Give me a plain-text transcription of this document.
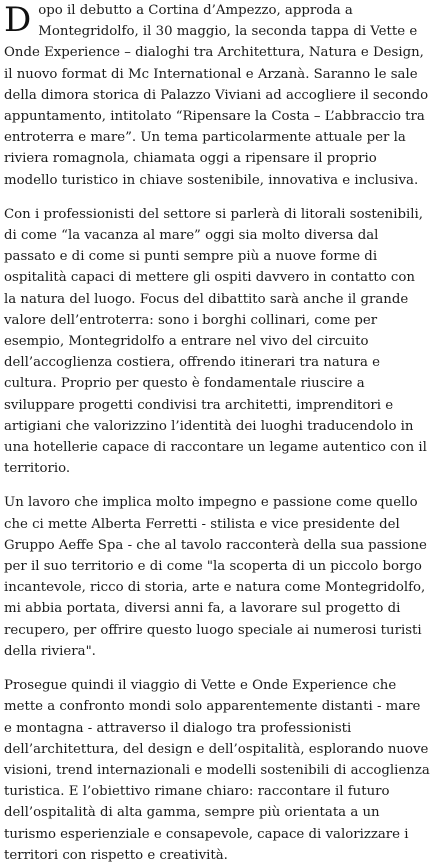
Dopo il debutto a Cortina d’Ampezzo, approda a Montegridolfo, il 30 maggio, la seconda tappa di Vette e Onde Experience – dialoghi tra Architettura, Natura e Design, il nuovo format di Mc International e Arzanà. Saranno le sale della dimora storica di Palazzo Viviani ad accogliere il secondo appuntamento, intitolato “Ripensare la Costa – L’abbraccio tra entroterra e mare”. Un tema particolarmente attuale per la riviera romagnola, chiamata oggi a ripensare il proprio modello turistico in chiave sostenibile, innovativa e inclusiva.

Con i professionisti del settore si parlerà di litorali sostenibili, di come “la vacanza al mare” oggi sia molto diversa dal passato e di come si punti sempre più a nuove forme di ospitalità capaci di mettere gli ospiti davvero in contatto con la natura del luogo. Focus del dibattito sarà anche il grande valore dell’entroterra: sono i borghi collinari, come per esempio, Montegridolfo a entrare nel vivo del circuito dell’accoglienza costiera, offrendo itinerari tra natura e cultura. Proprio per questo è fondamentale riuscire a sviluppare progetti condivisi tra architetti, imprenditori e artigiani che valorizzino l’identità dei luoghi traducendolo in una hotellerie capace di raccontare un legame autentico con il territorio.

Un lavoro che implica molto impegno e passione come quello che ci mette Alberta Ferretti - stilista e vice presidente del Gruppo Aeffe Spa - che al tavolo racconterà della sua passione per il suo territorio e di come "la scoperta di un piccolo borgo incantevole, ricco di storia, arte e natura come Montegridolfo, mi abbia portata, diversi anni fa, a lavorare sul progetto di recupero, per offrire questo luogo speciale ai numerosi turisti della riviera".

Prosegue quindi il viaggio di Vette e Onde Experience che mette a confronto mondi solo apparentemente distanti - mare e montagna - attraverso il dialogo tra professionisti dell’architettura, del design e dell’ospitalità, esplorando nuove visioni, trend internazionali e modelli sostenibili di accoglienza turistica. E l’obiettivo rimane chiaro: raccontare il futuro dell’ospitalità di alta gamma, sempre più orientata a un turismo esperienziale e consapevole, capace di valorizzare i territori con rispetto e creatività.
